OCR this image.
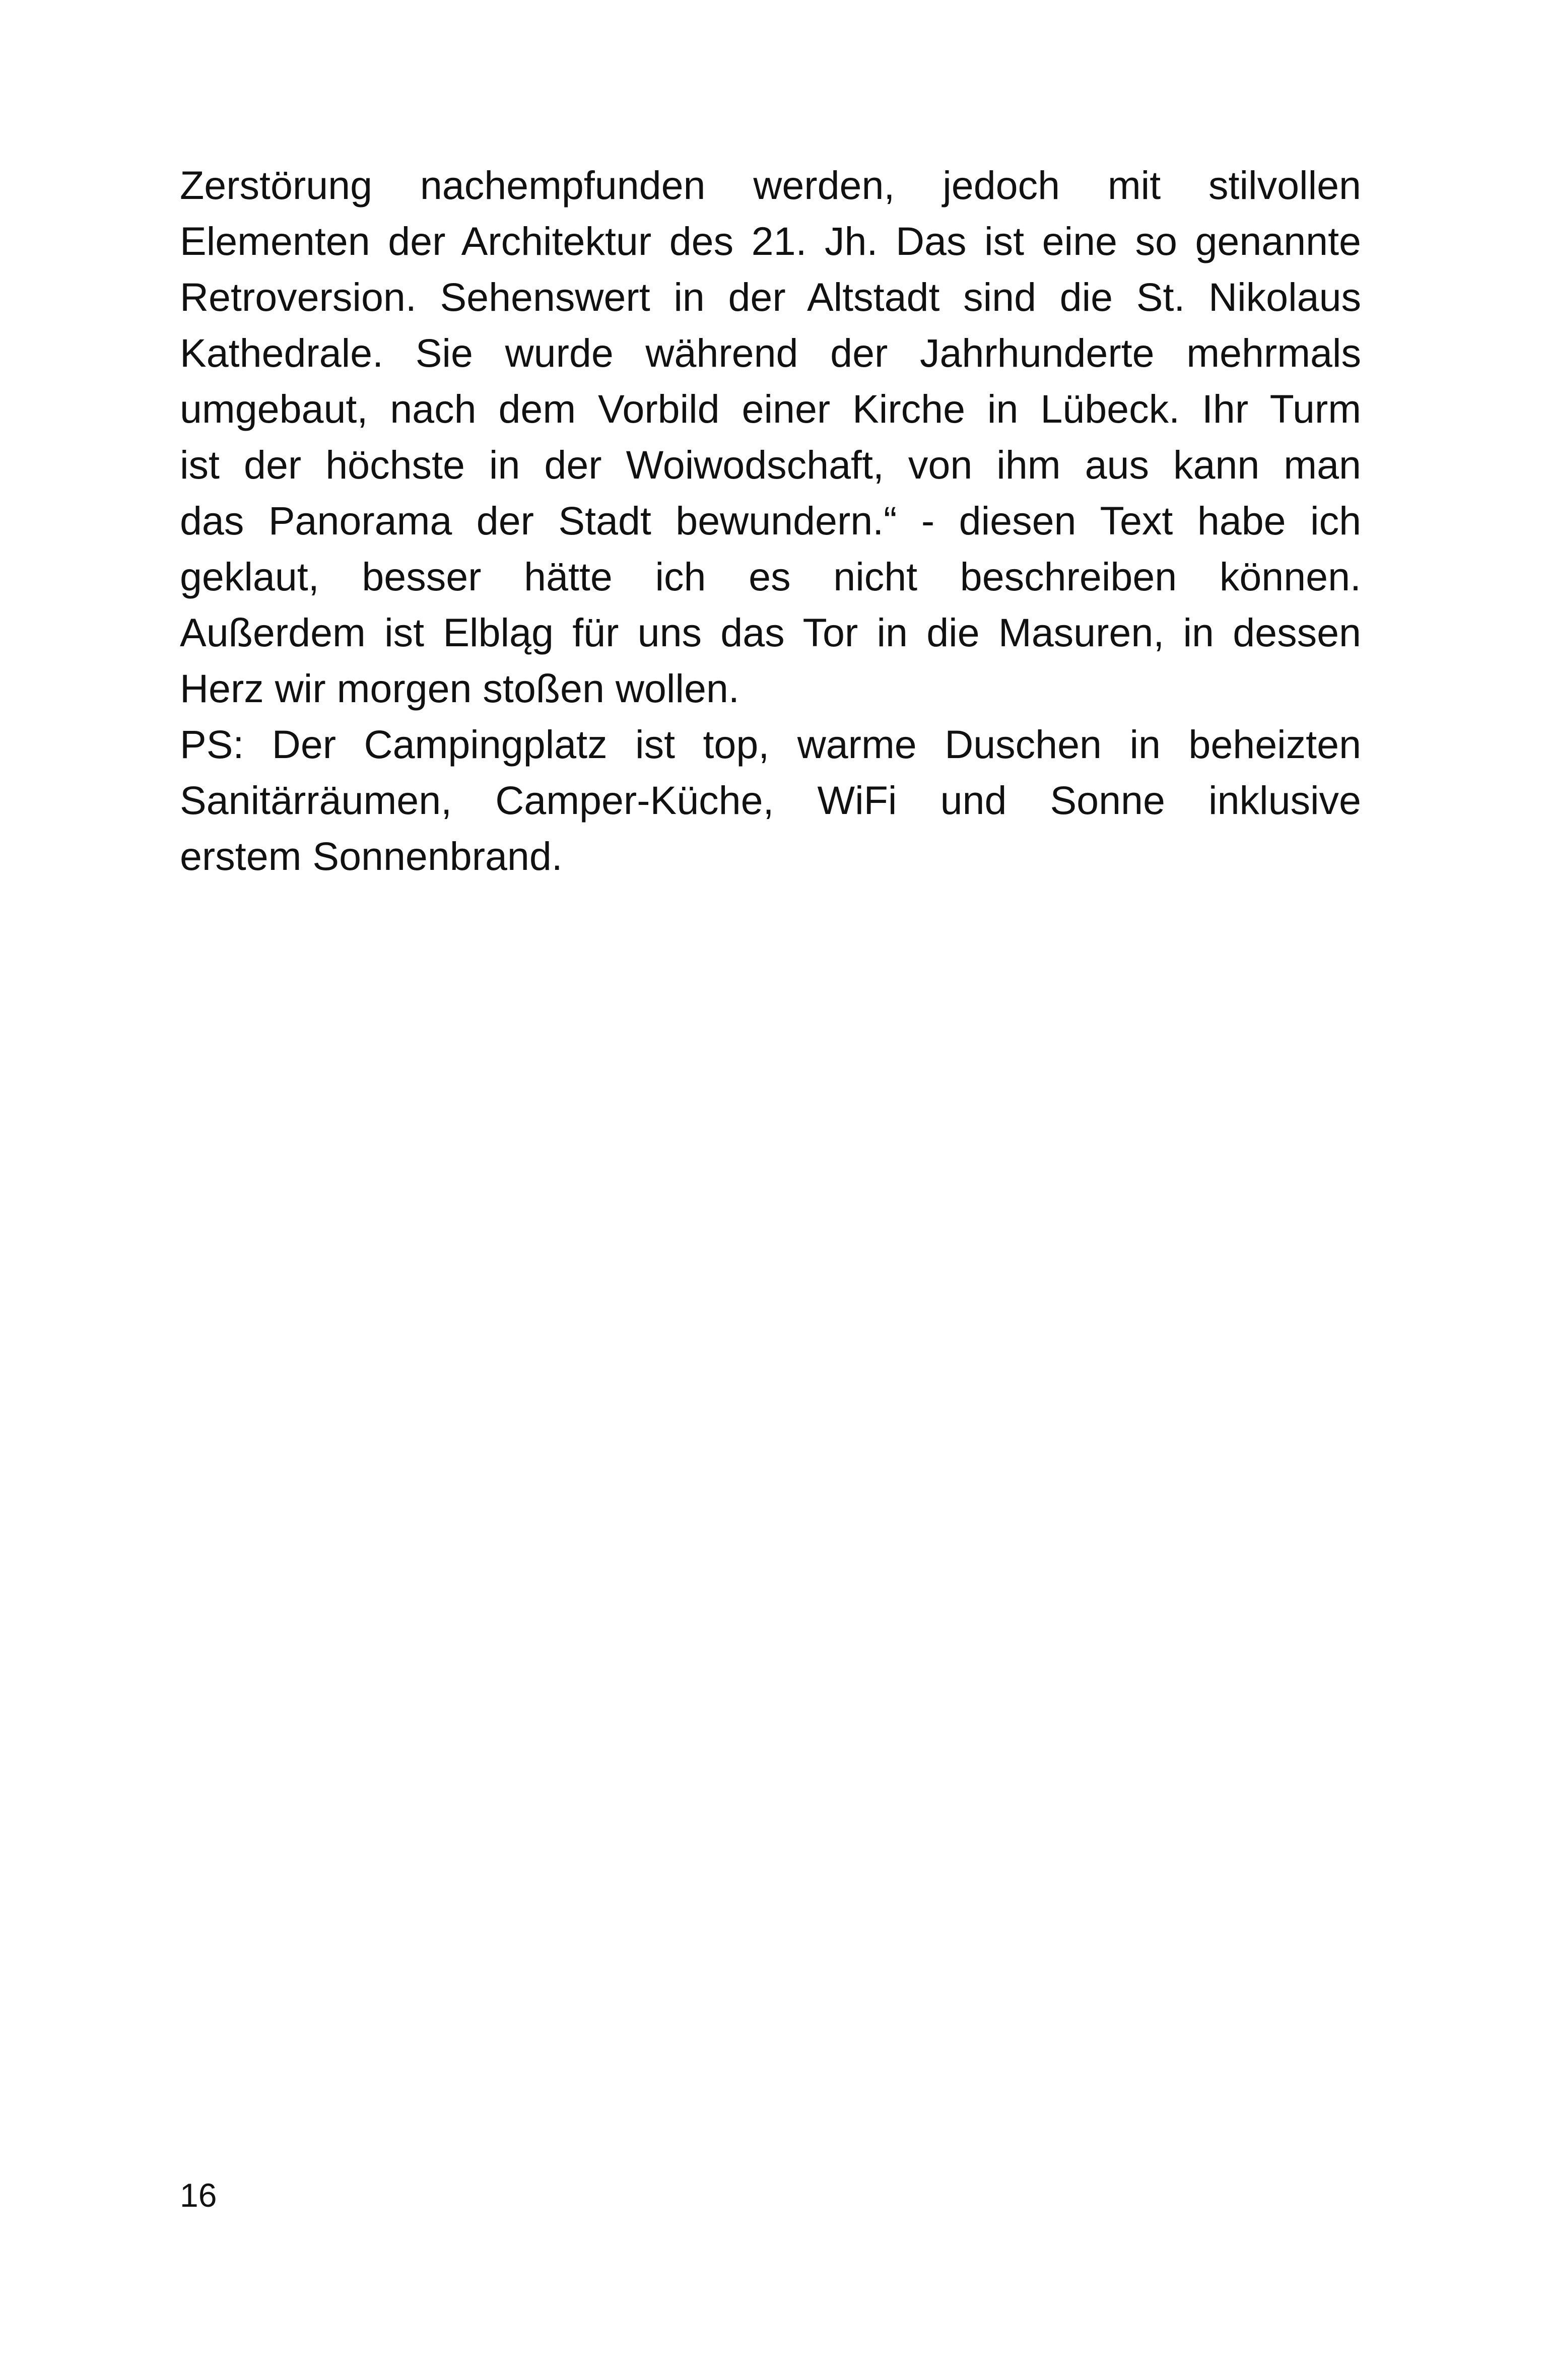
Zerstörung nachempfunden werden, jedoch mit stilvollen
Elementen der Architektur des 21. Jh. Das ist eine so genannte
Retroversion. Sehenswert in der Altstadt sind die St. Nikolaus
Kathedrale. Sie wurde während der Jahrhunderte mehrmals
umgebaut, nach dem Vorbild einer Kirche in Lübeck. Ihr Turm
ist der höchste in der Woiwodschaft, von ihm aus kann man
das Panorama der Stadt bewundern.“ - diesen Text habe ich
geklaut, besser hätte ich es nicht beschreiben können.
Außerdem ist Elbląg für uns das Tor in die Masuren, in dessen
Herz wir morgen stoßen wollen.
PS: Der Campingplatz ist top, warme Duschen in beheizten
Sanitärräumen, Camper-Küche, WiFi und Sonne inklusive
erstem Sonnenbrand.
16
